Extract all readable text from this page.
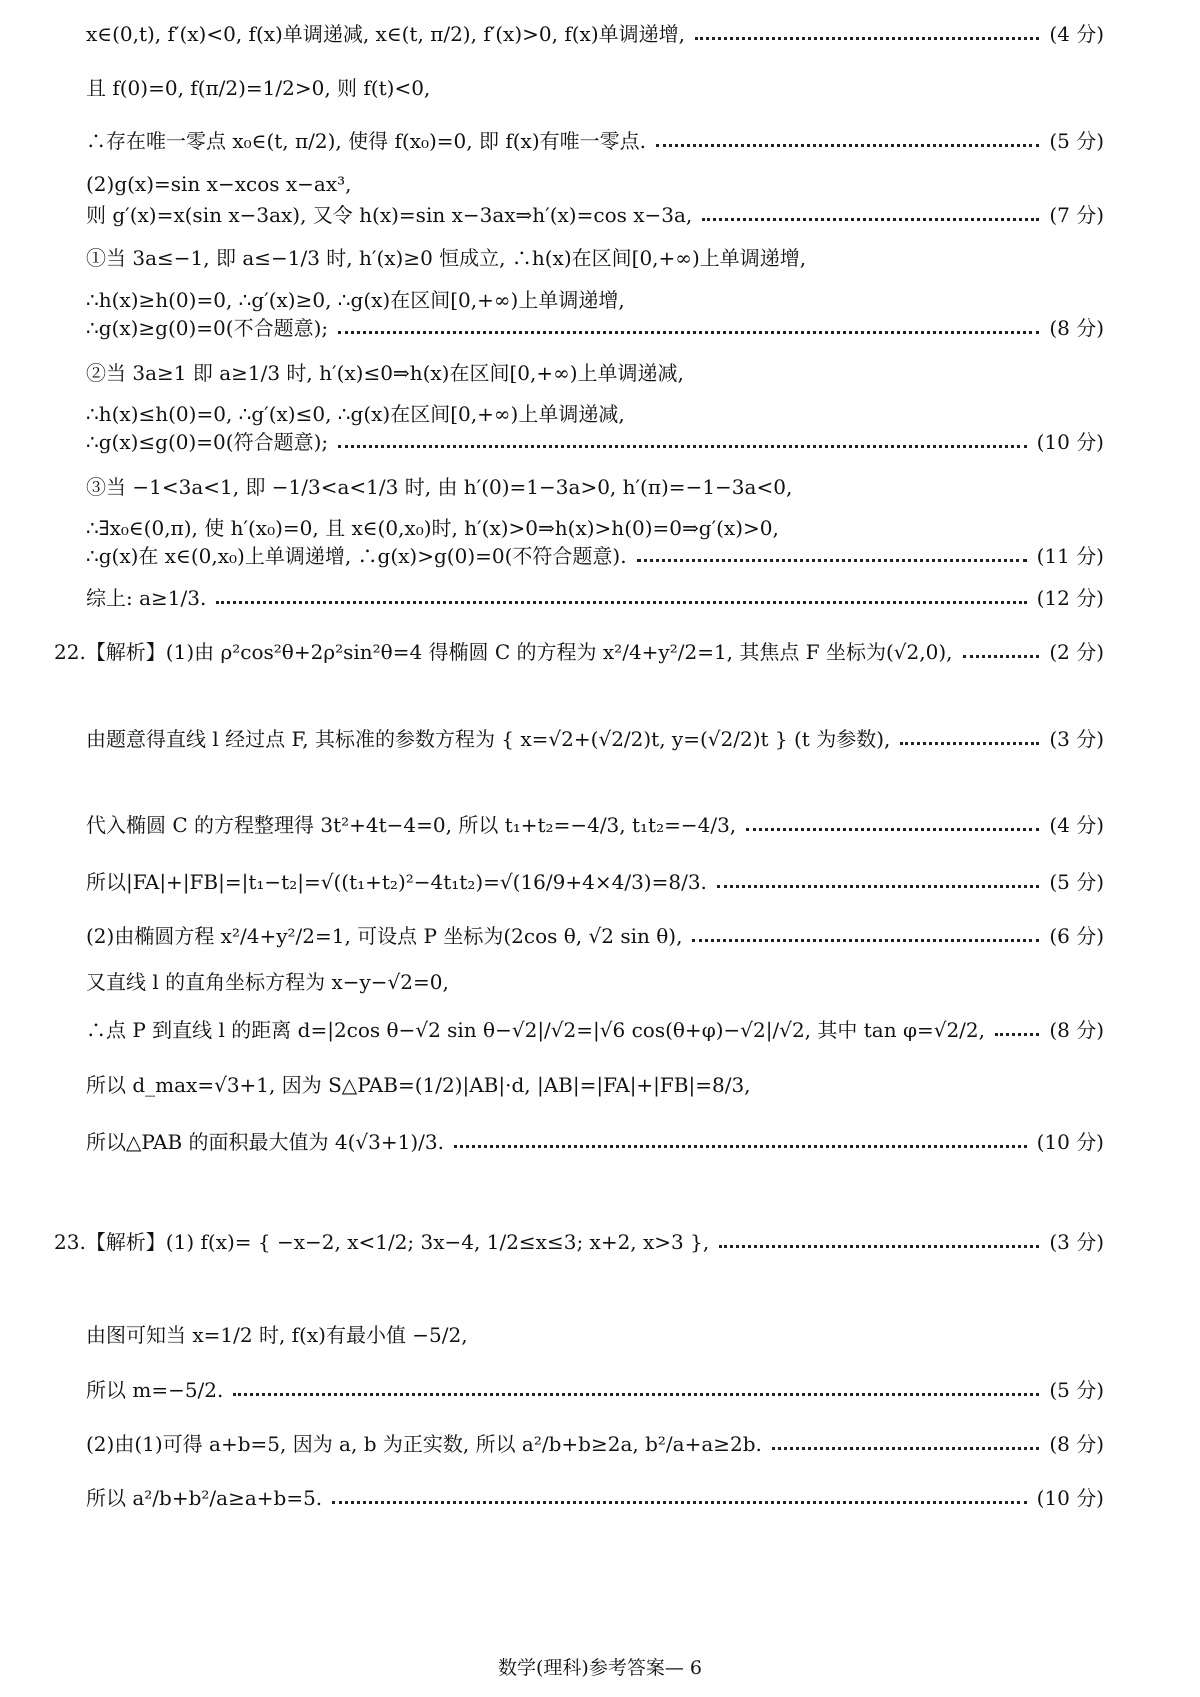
x∈(0,t), f′(x)<0, f(x)单调递减, x∈(t, π/2), f′(x)>0, f(x)单调递增,	(4 分)
且 f(0)=0, f(π/2)=1/2>0, 则 f(t)<0,
∴存在唯一零点 x₀∈(t, π/2), 使得 f(x₀)=0, 即 f(x)有唯一零点.	(5 分)
(2)g(x)=sin x−xcos x−ax³,
则 g′(x)=x(sin x−3ax), 又令 h(x)=sin x−3ax⇒h′(x)=cos x−3a,	(7 分)
①当 3a≤−1, 即 a≤−1/3 时, h′(x)≥0 恒成立, ∴h(x)在区间[0,+∞)上单调递增,
∴h(x)≥h(0)=0, ∴g′(x)≥0, ∴g(x)在区间[0,+∞)上单调递增,
∴g(x)≥g(0)=0(不合题意);	(8 分)
②当 3a≥1 即 a≥1/3 时, h′(x)≤0⇒h(x)在区间[0,+∞)上单调递减,
∴h(x)≤h(0)=0, ∴g′(x)≤0, ∴g(x)在区间[0,+∞)上单调递减,
∴g(x)≤g(0)=0(符合题意);	(10 分)
③当 −1<3a<1, 即 −1/3<a<1/3 时, 由 h′(0)=1−3a>0, h′(π)=−1−3a<0,
∴∃x₀∈(0,π), 使 h′(x₀)=0, 且 x∈(0,x₀)时, h′(x)>0⇒h(x)>h(0)=0⇒g′(x)>0,
∴g(x)在 x∈(0,x₀)上单调递增, ∴g(x)>g(0)=0(不符合题意).	(11 分)
综上: a≥1/3.	(12 分)
22.【解析】(1)由 ρ²cos²θ+2ρ²sin²θ=4 得椭圆 C 的方程为 x²/4+y²/2=1, 其焦点 F 坐标为(√2,0),	(2 分)
由题意得直线 l 经过点 F, 其标准的参数方程为 { x=√2+(√2/2)t, y=(√2/2)t } (t 为参数),	(3 分)
代入椭圆 C 的方程整理得 3t²+4t−4=0, 所以 t₁+t₂=−4/3, t₁t₂=−4/3,	(4 分)
所以|FA|+|FB|=|t₁−t₂|=√((t₁+t₂)²−4t₁t₂)=√(16/9+4×4/3)=8/3.	(5 分)
(2)由椭圆方程 x²/4+y²/2=1, 可设点 P 坐标为(2cos θ, √2 sin θ),	(6 分)
又直线 l 的直角坐标方程为 x−y−√2=0,
∴点 P 到直线 l 的距离 d=|2cos θ−√2 sin θ−√2|/√2=|√6 cos(θ+φ)−√2|/√2, 其中 tan φ=√2/2,	(8 分)
所以 d_max=√3+1, 因为 S△PAB=(1/2)|AB|·d, |AB|=|FA|+|FB|=8/3,
所以△PAB 的面积最大值为 4(√3+1)/3.	(10 分)
23.【解析】(1) f(x)= { −x−2, x<1/2; 3x−4, 1/2≤x≤3; x+2, x>3 },	(3 分)
由图可知当 x=1/2 时, f(x)有最小值 −5/2,
所以 m=−5/2.	(5 分)
(2)由(1)可得 a+b=5, 因为 a, b 为正实数, 所以 a²/b+b≥2a, b²/a+a≥2b.	(8 分)
所以 a²/b+b²/a≥a+b=5.	(10 分)
数学(理科)参考答案— 6
